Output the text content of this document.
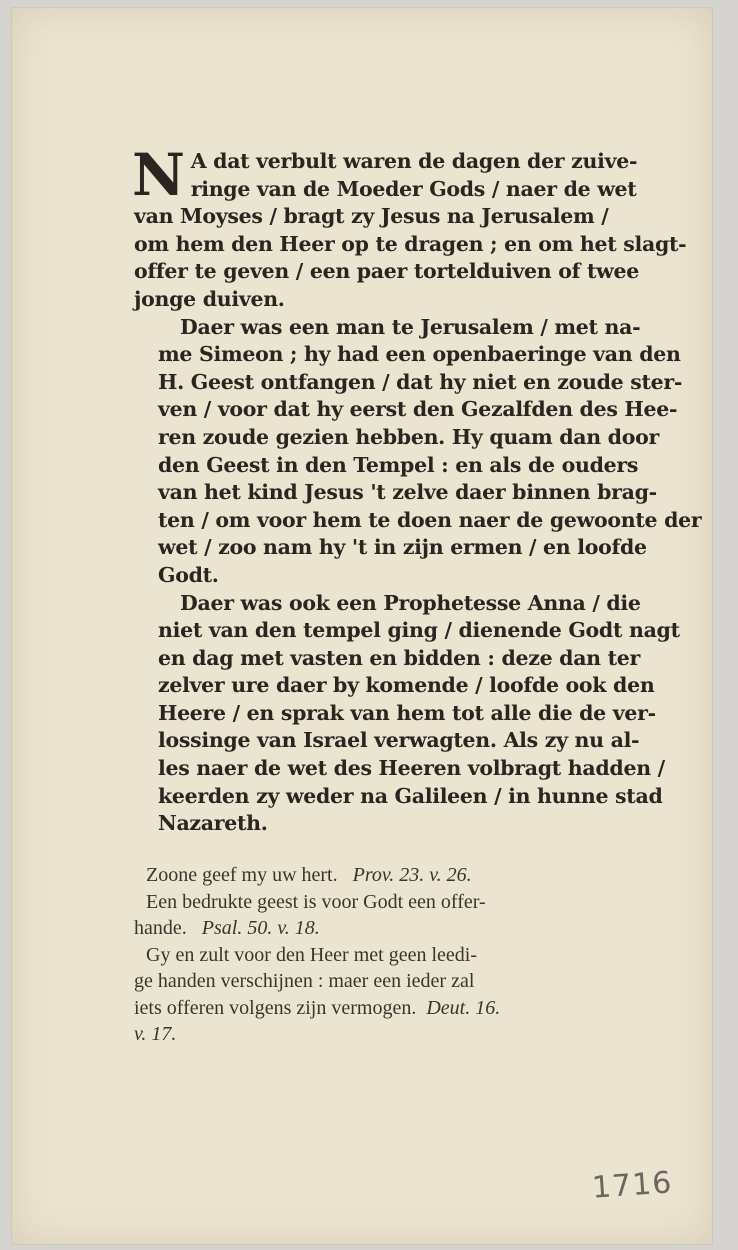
N A dat verbult waren de dagen der zuive-
ringe van de Moeder Gods / naer de wet
van Moyses / bragt zy Jesus na Jerusalem /
om hem den Heer op te dragen ; en om het slagt-
offer te geven / een paer tortelduiven of twee
jonge duiven.
Daer was een man te Jerusalem / met na-
me Simeon ; hy had een openbaeringe van den
H. Geest ontfangen / dat hy niet en zoude ster-
ven / voor dat hy eerst den Gezalfden des Hee-
ren zoude gezien hebben. Hy quam dan door
den Geest in den Tempel : en als de ouders
van het kind Jesus 't zelve daer binnen brag-
ten / om voor hem te doen naer de gewoonte der
wet / zoo nam hy 't in zijn ermen / en loofde
Godt.
Daer was ook een Prophetesse Anna / die
niet van den tempel ging / dienende Godt nagt
en dag met vasten en bidden : deze dan ter
zelver ure daer by komende / loofde ook den
Heere / en sprak van hem tot alle die de ver-
lossinge van Israel verwagten. Als zy nu al-
les naer de wet des Heeren volbragt hadden /
keerden zy weder na Galileen / in hunne stad
Nazareth.

Zoone geef my uw hert. Prov. 23. v. 26.

Een bedrukte geest is voor Godt een offer-

hande. Psal. 50. v. 18.

Gy en zult voor den Heer met geen leedi-

ge handen verschijnen : maer een ieder zal

iets offeren volgens zijn vermogen. Deut. 16.

v. 17.

1716
